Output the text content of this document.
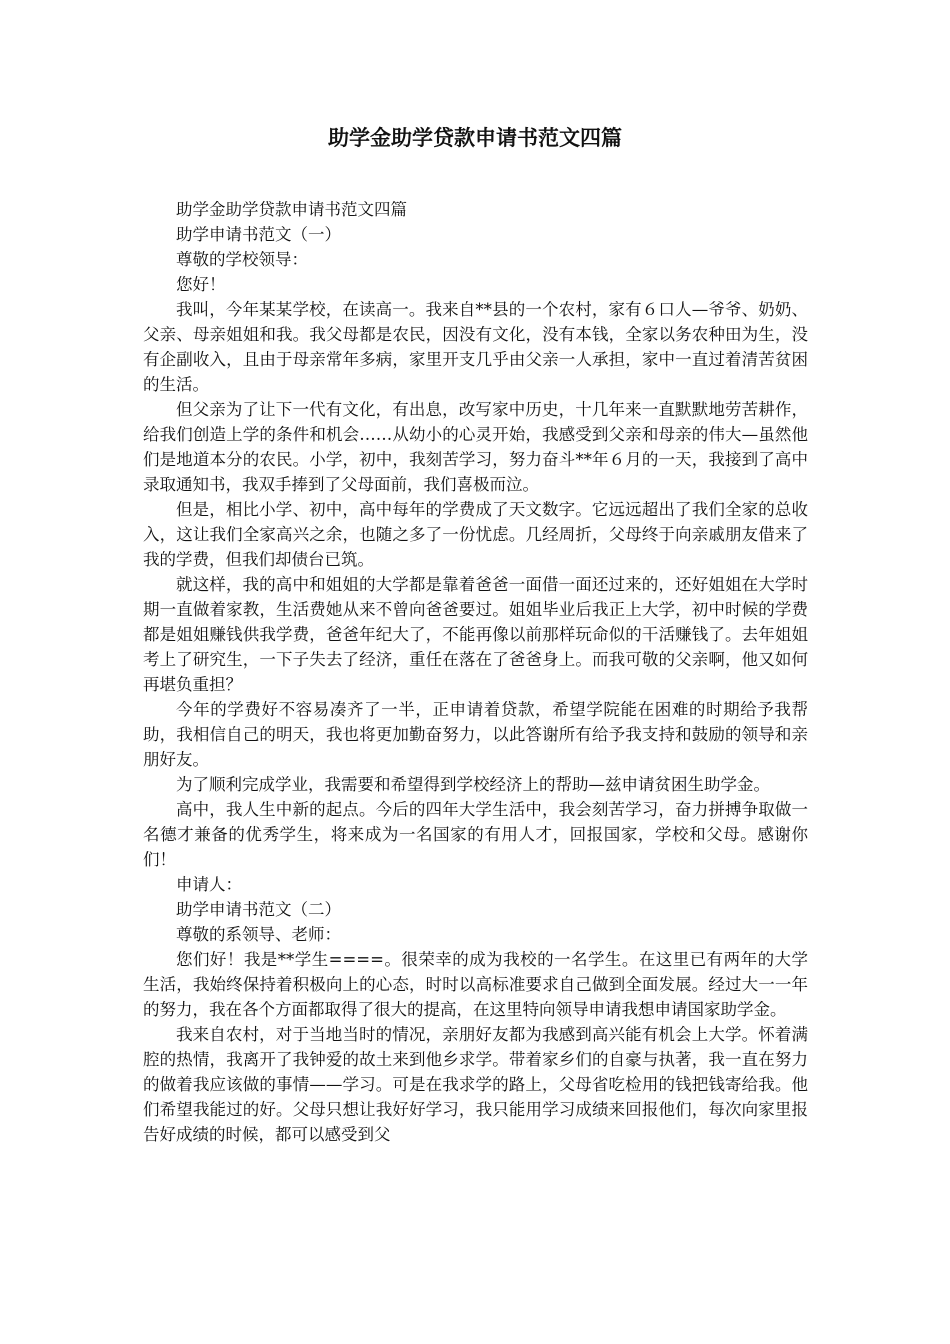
助学金助学贷款申请书范文四篇

助学金助学贷款申请书范文四篇

助学申请书范文（一）

尊敬的学校领导：

您好！

我叫，今年某某学校，在读高一。我来自**县的一个农村，家有６口人—爷爷、奶奶、父亲、母亲姐姐和我。我父母都是农民，因没有文化，没有本钱，全家以务农种田为生，没有企副收入，且由于母亲常年多病，家里开支几乎由父亲一人承担，家中一直过着清苦贫困的生活。

但父亲为了让下一代有文化，有出息，改写家中历史，十几年来一直默默地劳苦耕作，给我们创造上学的条件和机会……从幼小的心灵开始，我感受到父亲和母亲的伟大—虽然他们是地道本分的农民。小学，初中，我刻苦学习，努力奋斗**年６月的一天，我接到了高中录取通知书，我双手捧到了父母面前，我们喜极而泣。

但是，相比小学、初中，高中每年的学费成了天文数字。它远远超出了我们全家的总收入，这让我们全家高兴之余，也随之多了一份忧虑。几经周折，父母终于向亲戚朋友借来了我的学费，但我们却债台已筑。

就这样，我的高中和姐姐的大学都是靠着爸爸一面借一面还过来的，还好姐姐在大学时期一直做着家教，生活费她从来不曾向爸爸要过。姐姐毕业后我正上大学，初中时候的学费都是姐姐赚钱供我学费，爸爸年纪大了，不能再像以前那样玩命似的干活赚钱了。去年姐姐考上了研究生，一下子失去了经济，重任在落在了爸爸身上。而我可敬的父亲啊，他又如何再堪负重担？

今年的学费好不容易凑齐了一半，正申请着贷款，希望学院能在困难的时期给予我帮助，我相信自己的明天，我也将更加勤奋努力，以此答谢所有给予我支持和鼓励的领导和亲朋好友。

为了顺利完成学业，我需要和希望得到学校经济上的帮助—兹申请贫困生助学金。

高中，我人生中新的起点。今后的四年大学生活中，我会刻苦学习，奋力拼搏争取做一名德才兼备的优秀学生，将来成为一名国家的有用人才，回报国家，学校和父母。感谢你们！

申请人：

助学申请书范文（二）

尊敬的系领导、老师：

您们好！我是**学生====。很荣幸的成为我校的一名学生。在这里已有两年的大学生活，我始终保持着积极向上的心态，时时以高标准要求自己做到全面发展。经过大一一年的努力，我在各个方面都取得了很大的提高，在这里特向领导申请我想申请国家助学金。

我来自农村，对于当地当时的情况，亲朋好友都为我感到高兴能有机会上大学。怀着满腔的热情，我离开了我钟爱的故土来到他乡求学。带着家乡们的自豪与执著，我一直在努力的做着我应该做的事情——学习。可是在我求学的路上，父母省吃检用的钱把钱寄给我。他们希望我能过的好。父母只想让我好好学习，我只能用学习成绩来回报他们，每次向家里报告好成绩的时候，都可以感受到父
